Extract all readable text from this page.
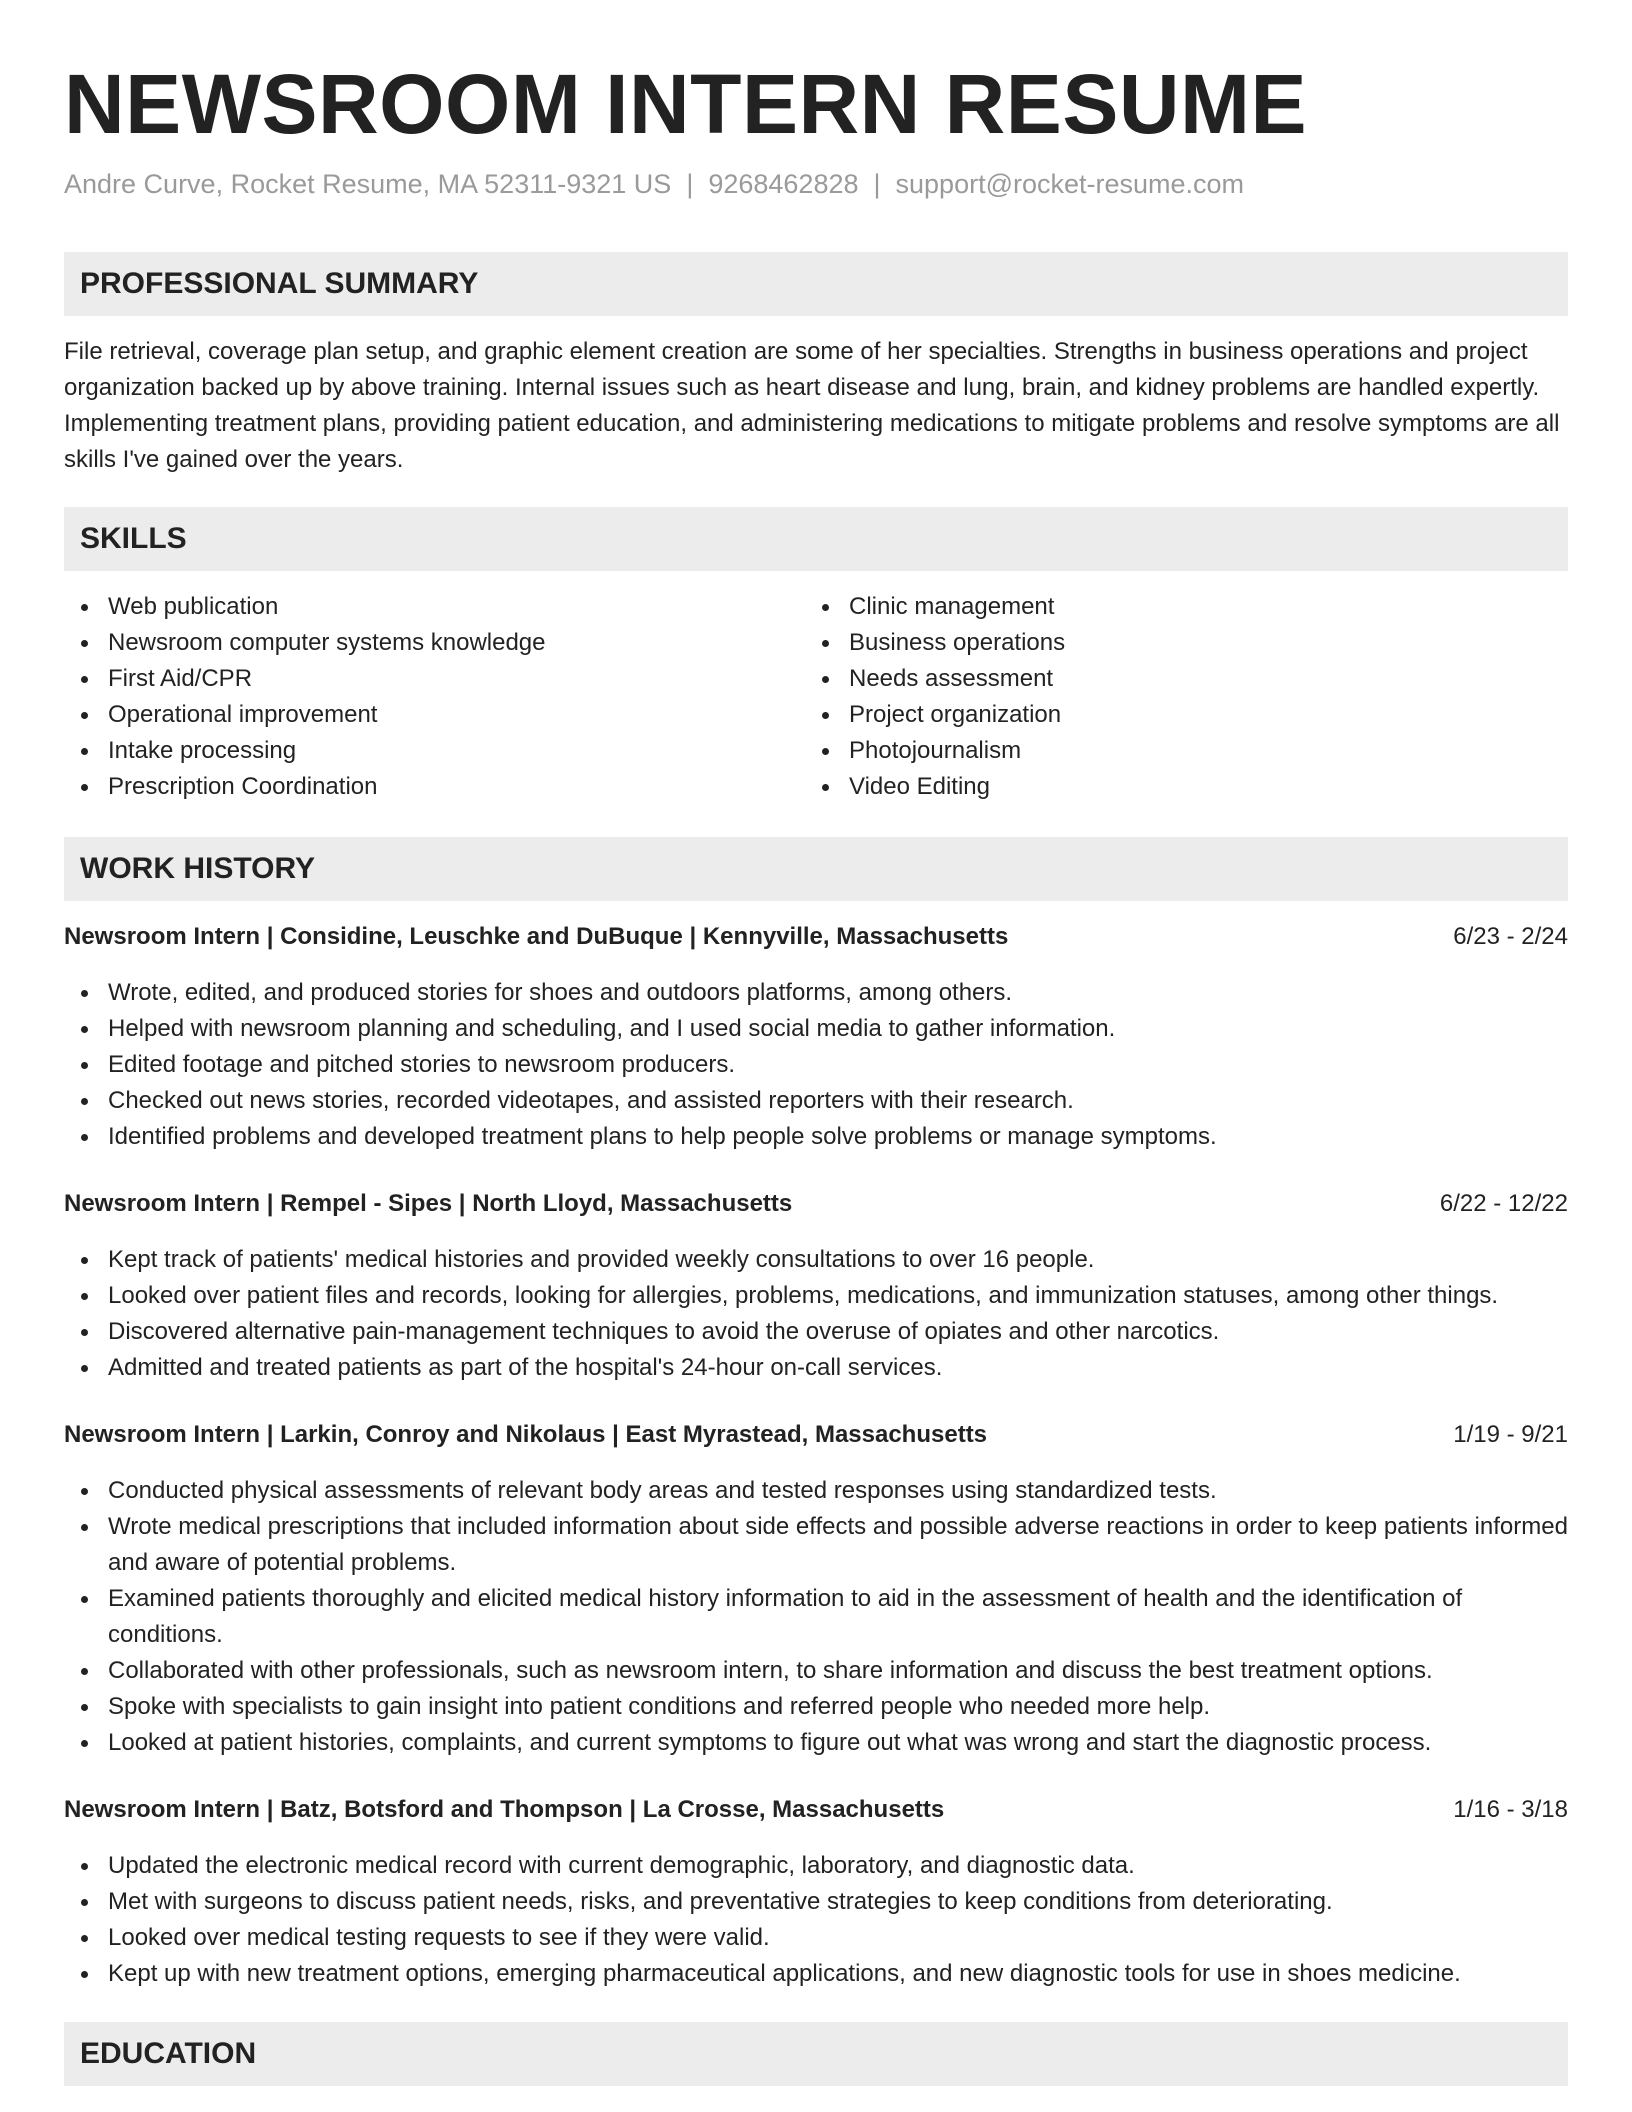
NEWSROOM INTERN RESUME
Andre Curve, Rocket Resume, MA 52311-9321 US | 9268462828 | support@rocket-resume.com
PROFESSIONAL SUMMARY

File retrieval, coverage plan setup, and graphic element creation are some of her specialties. Strengths in business operations and project organization backed up by above training. Internal issues such as heart disease and lung, brain, and kidney problems are handled expertly. Implementing treatment plans, providing patient education, and administering medications to mitigate problems and resolve symptoms are all skills I've gained over the years.

SKILLS
Web publication
Newsroom computer systems knowledge
First Aid/CPR
Operational improvement
Intake processing
Prescription Coordination
Clinic management
Business operations
Needs assessment
Project organization
Photojournalism
Video Editing
WORK HISTORY
Newsroom Intern | Considine, Leuschke and DuBuque | Kennyville, Massachusetts	6/23 - 2/24
Wrote, edited, and produced stories for shoes and outdoors platforms, among others.
Helped with newsroom planning and scheduling, and I used social media to gather information.
Edited footage and pitched stories to newsroom producers.
Checked out news stories, recorded videotapes, and assisted reporters with their research.
Identified problems and developed treatment plans to help people solve problems or manage symptoms.
Newsroom Intern | Rempel - Sipes | North Lloyd, Massachusetts	6/22 - 12/22
Kept track of patients' medical histories and provided weekly consultations to over 16 people.
Looked over patient files and records, looking for allergies, problems, medications, and immunization statuses, among other things.
Discovered alternative pain-management techniques to avoid the overuse of opiates and other narcotics.
Admitted and treated patients as part of the hospital's 24-hour on-call services.
Newsroom Intern | Larkin, Conroy and Nikolaus | East Myrastead, Massachusetts	1/19 - 9/21
Conducted physical assessments of relevant body areas and tested responses using standardized tests.
Wrote medical prescriptions that included information about side effects and possible adverse reactions in order to keep patients informed and aware of potential problems.
Examined patients thoroughly and elicited medical history information to aid in the assessment of health and the identification of conditions.
Collaborated with other professionals, such as newsroom intern, to share information and discuss the best treatment options.
Spoke with specialists to gain insight into patient conditions and referred people who needed more help.
Looked at patient histories, complaints, and current symptoms to figure out what was wrong and start the diagnostic process.
Newsroom Intern | Batz, Botsford and Thompson | La Crosse, Massachusetts	1/16 - 3/18
Updated the electronic medical record with current demographic, laboratory, and diagnostic data.
Met with surgeons to discuss patient needs, risks, and preventative strategies to keep conditions from deteriorating.
Looked over medical testing requests to see if they were valid.
Kept up with new treatment options, emerging pharmaceutical applications, and new diagnostic tools for use in shoes medicine.
EDUCATION
